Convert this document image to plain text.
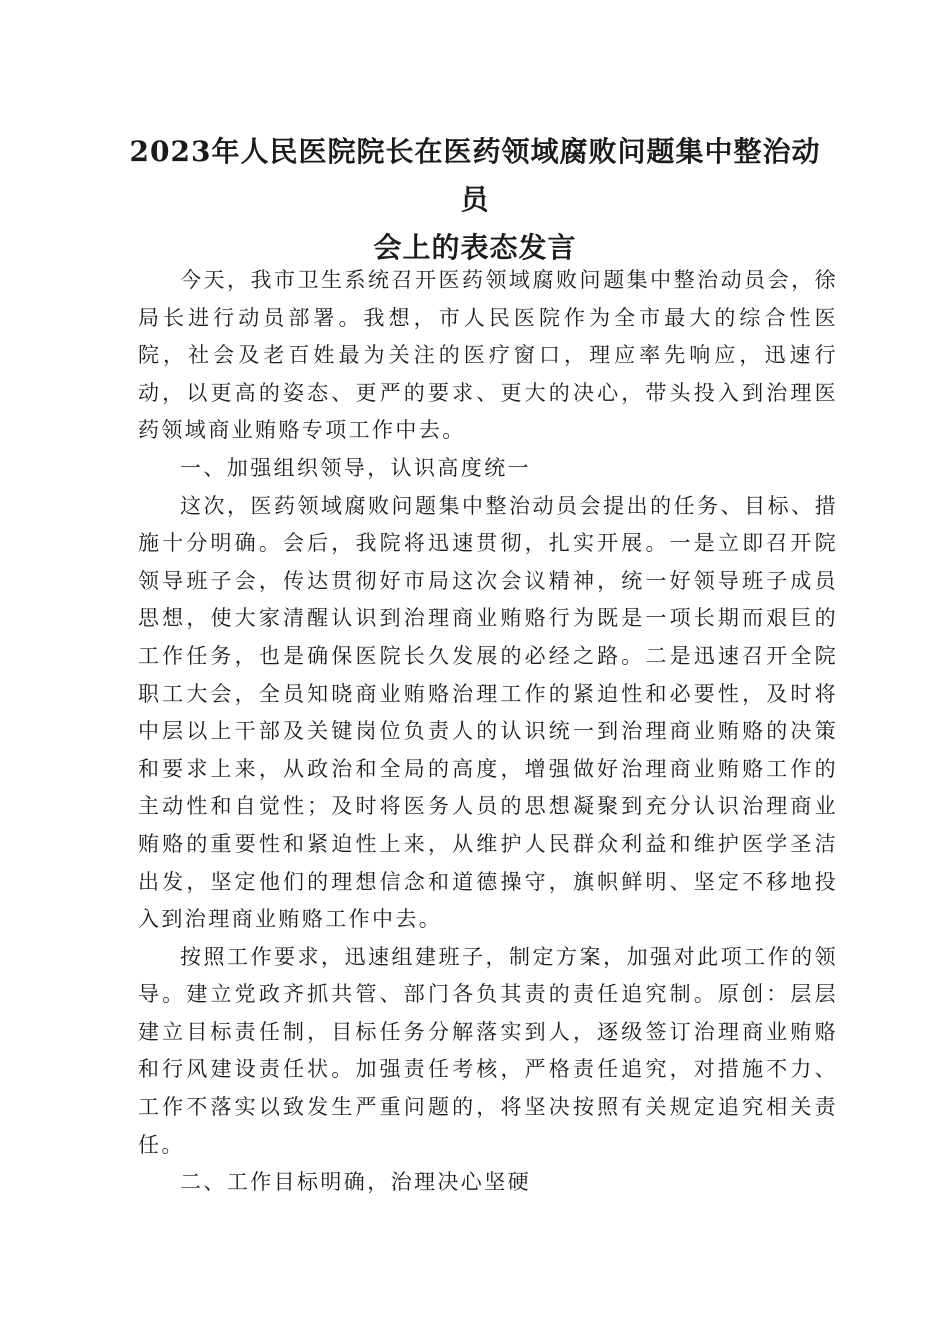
2023年人民医院院长在医药领域腐败问题集中整治动员
会上的表态发言

今天，我市卫生系统召开医药领域腐败问题集中整治动员会，徐局长进行动员部署。我想，市人民医院作为全市最大的综合性医院，社会及老百姓最为关注的医疗窗口，理应率先响应，迅速行动，以更高的姿态、更严的要求、更大的决心，带头投入到治理医药领域商业贿赂专项工作中去。

一、加强组织领导，认识高度统一

这次，医药领域腐败问题集中整治动员会提出的任务、目标、措施十分明确。会后，我院将迅速贯彻，扎实开展。一是立即召开院领导班子会，传达贯彻好市局这次会议精神，统一好领导班子成员思想，使大家清醒认识到治理商业贿赂行为既是一项长期而艰巨的工作任务，也是确保医院长久发展的必经之路。二是迅速召开全院职工大会，全员知晓商业贿赂治理工作的紧迫性和必要性，及时将中层以上干部及关键岗位负责人的认识统一到治理商业贿赂的决策和要求上来，从政治和全局的高度，增强做好治理商业贿赂工作的主动性和自觉性；及时将医务人员的思想凝聚到充分认识治理商业贿赂的重要性和紧迫性上来，从维护人民群众利益和维护医学圣洁出发，坚定他们的理想信念和道德操守，旗帜鲜明、坚定不移地投入到治理商业贿赂工作中去。

按照工作要求，迅速组建班子，制定方案，加强对此项工作的领导。建立党政齐抓共管、部门各负其责的责任追究制。原创：层层建立目标责任制，目标任务分解落实到人，逐级签订治理商业贿赂和行风建设责任状。加强责任考核，严格责任追究，对措施不力、工作不落实以致发生严重问题的，将坚决按照有关规定追究相关责任。

二、工作目标明确，治理决心坚硬
